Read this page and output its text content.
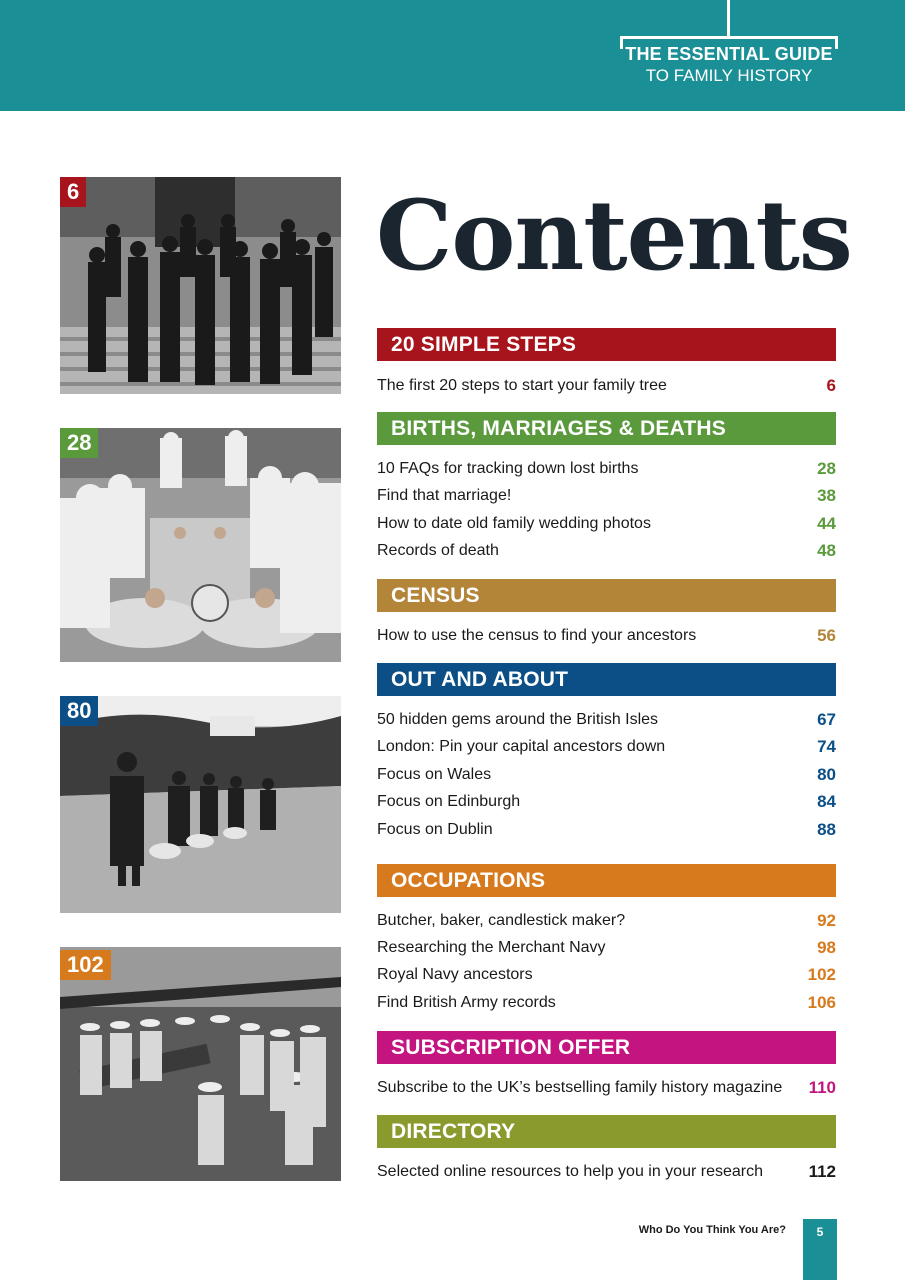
THE ESSENTIAL GUIDE
TO FAMILY HISTORY
6
28
80
102
Contents
20 SIMPLE STEPS
The first 20 steps to start your family tree	6
BIRTHS, MARRIAGES & DEATHS
10 FAQs for tracking down lost births	28
Find that marriage!	38
How to date old family wedding photos	44
Records of death	48
CENSUS
How to use the census to find your ancestors	56
OUT AND ABOUT
50 hidden gems around the British Isles	67
London: Pin your capital ancestors down	74
Focus on Wales	80
Focus on Edinburgh	84
Focus on Dublin	88
OCCUPATIONS
Butcher, baker, candlestick maker?	92
Researching the Merchant Navy	98
Royal Navy ancestors	102
Find British Army records	106
SUBSCRIPTION OFFER
Subscribe to the UK’s bestselling family history magazine 110
DIRECTORY
Selected online resources to help you in your research	112
Who Do You Think You Are?	5
